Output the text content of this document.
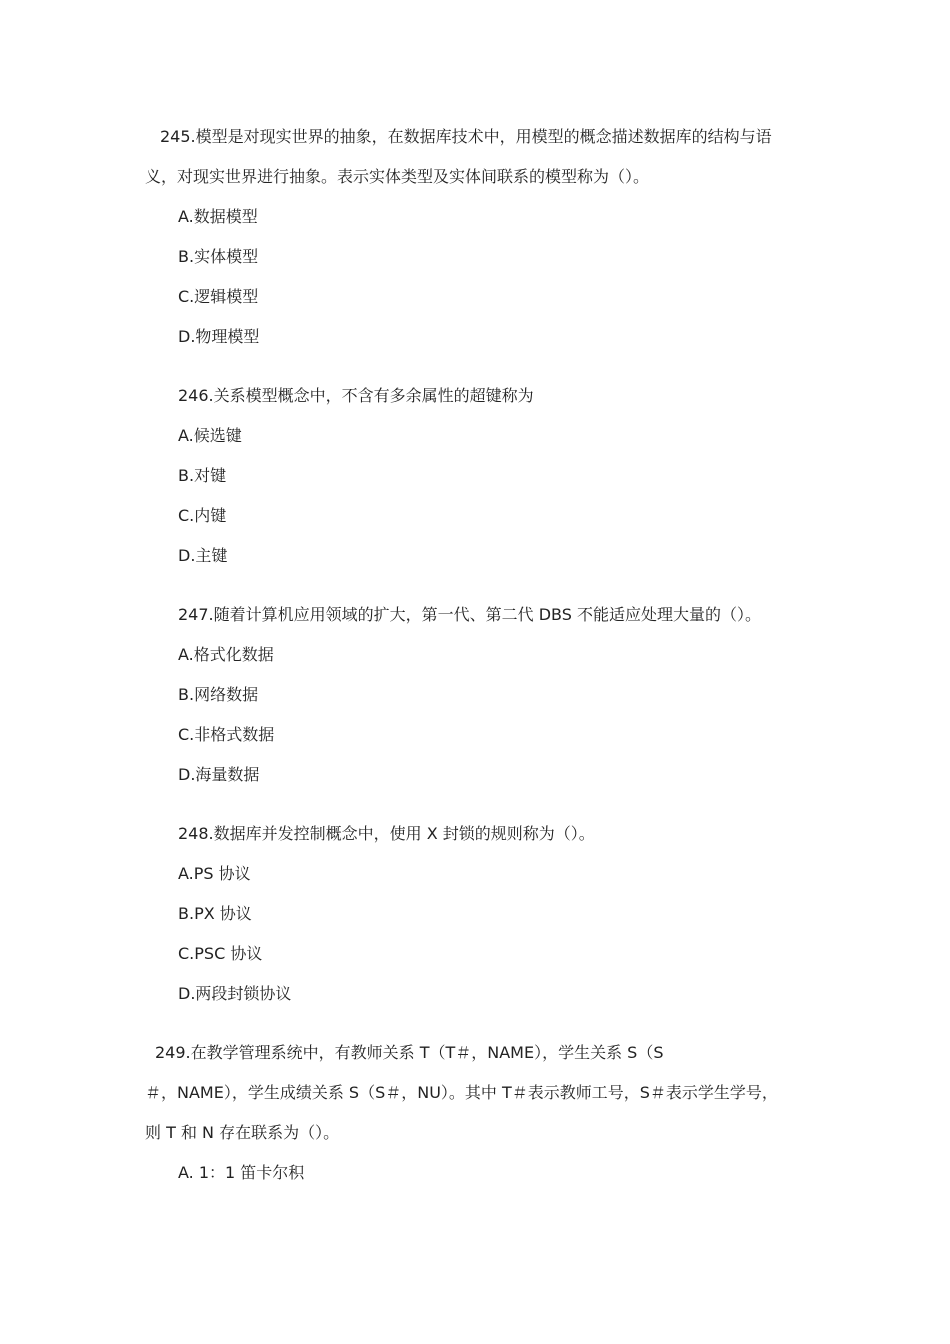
245.模型是对现实世界的抽象，在数据库技术中，用模型的概念描述数据库的结构与语
义，对现实世界进行抽象。表示实体类型及实体间联系的模型称为（）。
A.数据模型
B.实体模型
C.逻辑模型
D.物理模型
246.关系模型概念中，不含有多余属性的超键称为
A.候选键
B.对键
C.内键
D.主键
247.随着计算机应用领域的扩大，第一代、第二代 DBS 不能适应处理大量的（）。
A.格式化数据
B.网络数据
C.非格式数据
D.海量数据
248.数据库并发控制概念中，使用 X 封锁的规则称为（）。
A.PS 协议
B.PX 协议
C.PSC 协议
D.两段封锁协议
249.在教学管理系统中，有教师关系 T（T＃，NAME），学生关系 S（S
＃，NAME），学生成绩关系 S（S＃，NU）。其中 T＃表示教师工号，S＃表示学生学号，
则 T 和 N 存在联系为（）。
A. 1：1 笛卡尔积
